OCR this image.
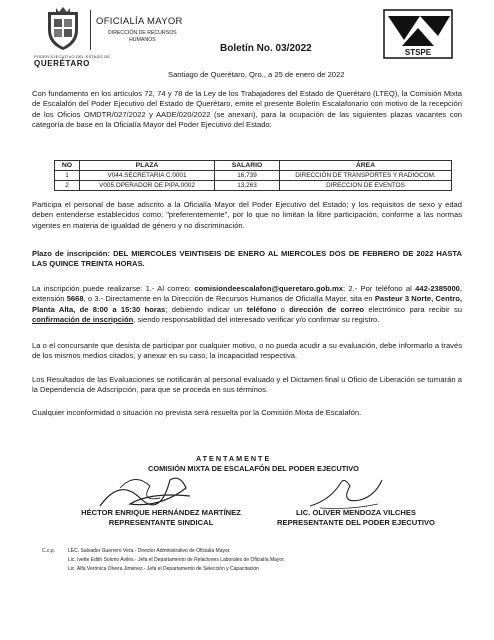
PODER EJECUTIVO DEL ESTADO DE
QUERÉTARO
OFICIALÍA MAYOR
DIRECCIÓN DE RECURSOS
HUMANOS
STSPE
Boletín No. 03/2022
Santiago de Querétaro, Qro., a 25 de enero de 2022
Con fundamento en los artículos 72, 74 y 78 de la Ley de los Trabajadores del Estado de Querétaro (LTEQ), la Comisión Mixta de Escalafón del Poder Ejecutivo del Estado de Querétaro, emite el presente Boletín Escalafonario con motivo de la recepción de los Oficios OMDTR/027/2022 y AADE/020/2022 (se anexan), para la ocupación de las siguientes plazas vacantes con categoría de base en la Oficialía Mayor del Poder Ejecutivo del Estado:
NO	PLAZA	SALARIO	ÁREA
1	V044.SECRETARIA C.0001	16,739	DIRECCIÓN DE TRANSPORTES Y RADIOCOM.
2	V005.OPERADOR DE PIPA.0002	13,263	DIRECCION DE EVENTOS
Participa el personal de base adscrito a la Oficialía Mayor del Poder Ejecutivo del Estado; y los requisitos de sexo y edad deben entenderse establecidos como: "preferentemente", por lo que no limitan la libre participación, conforme a las normas vigentes en materia de igualdad de género y no discriminación.
Plazo de inscripción: DEL MIERCOLES VEINTISEIS DE ENERO AL MIERCOLES DOS DE FEBRERO DE 2022 HASTA LAS QUINCE TREINTA HORAS.
La inscripción puede realizarse: 1.- Al correo: comisiondeescalafon@queretaro.gob.mx; 2.- Por teléfono al 442-2385000, extensión 5668, o 3.- Directamente en la Dirección de Recursos Humanos de Oficialía Mayor, sita en Pasteur 3 Norte, Centro, Planta Alta, de 8:00 a 15:30 horas; debiendo indicar un teléfono o dirección de correo electrónico para recibir su confirmación de inscripción, siendo responsabilidad del interesado verificar y/o confirmar su registro.
La o el concursante que desista de participar por cualquier motivo, o no pueda acudir a su evaluación, debe informarlo a través de los mismos medios citados, y anexar en su caso, la incapacidad respectiva.
Los Resultados de las Evaluaciones se notificarán al personal evaluado y el Dictamen final u Oficio de Liberación se turnarán a la Dependencia de Adscripción, para que se proceda en sus términos.
Cualquier inconformidad o situación no prevista será resuelta por la Comisión Mixta de Escalafón.
ATENTAMENTE
COMISIÓN MIXTA DE ESCALAFÓN DEL PODER EJECUTIVO
HÉCTOR ENRIQUE HERNÁNDEZ MARTÍNEZ
REPRESENTANTE SINDICAL
LIC. OLIVER MENDOZA VILCHES
REPRESENTANTE DEL PODER EJECUTIVO
C.c.p.	LEC. Salvador Guerrero Vera.- Director Administrativo de Oficialía Mayor.
Lic. Ivette Edith Solorio Avilés.- Jefa el Departamento de Relaciones Laborales de Oficialía Mayor.
Lic. Alfa Verónica Olvera Jiménez.- Jefa el Departamento de Selección y Capacitación
